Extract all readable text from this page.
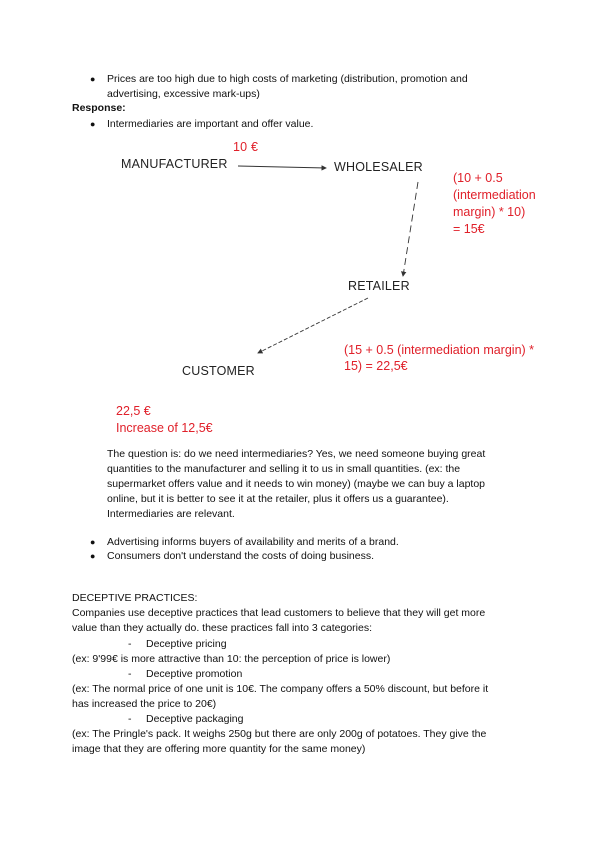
● Prices are too high due to high costs of marketing (distribution, promotion and
advertising, excessive mark-ups)
Response:
● Intermediaries are important and offer value.
MANUFACTURER
10 €
WHOLESALER
(10 + 0.5
(intermediation
margin) * 10)
= 15€
RETAILER
(15 + 0.5 (intermediation margin) *
15) = 22,5€
CUSTOMER
22,5 €
Increase of 12,5€
The question is: do we need intermediaries? Yes, we need someone buying great
quantities to the manufacturer and selling it to us in small quantities. (ex: the
supermarket offers value and it needs to win money) (maybe we can buy a laptop
online, but it is better to see it at the retailer, plus it offers us a guarantee).
Intermediaries are relevant.
● Advertising informs buyers of availability and merits of a brand.
● Consumers don't understand the costs of doing business.
DECEPTIVE PRACTICES:
Companies use deceptive practices that lead customers to believe that they will get more
value than they actually do. these practices fall into 3 categories:
- Deceptive pricing
(ex: 9'99€ is more attractive than 10: the perception of price is lower)
- Deceptive promotion
(ex: The normal price of one unit is 10€. The company offers a 50% discount, but before it
has increased the price to 20€)
- Deceptive packaging
(ex: The Pringle's pack. It weighs 250g but there are only 200g of potatoes. They give the
image that they are offering more quantity for the same money)
